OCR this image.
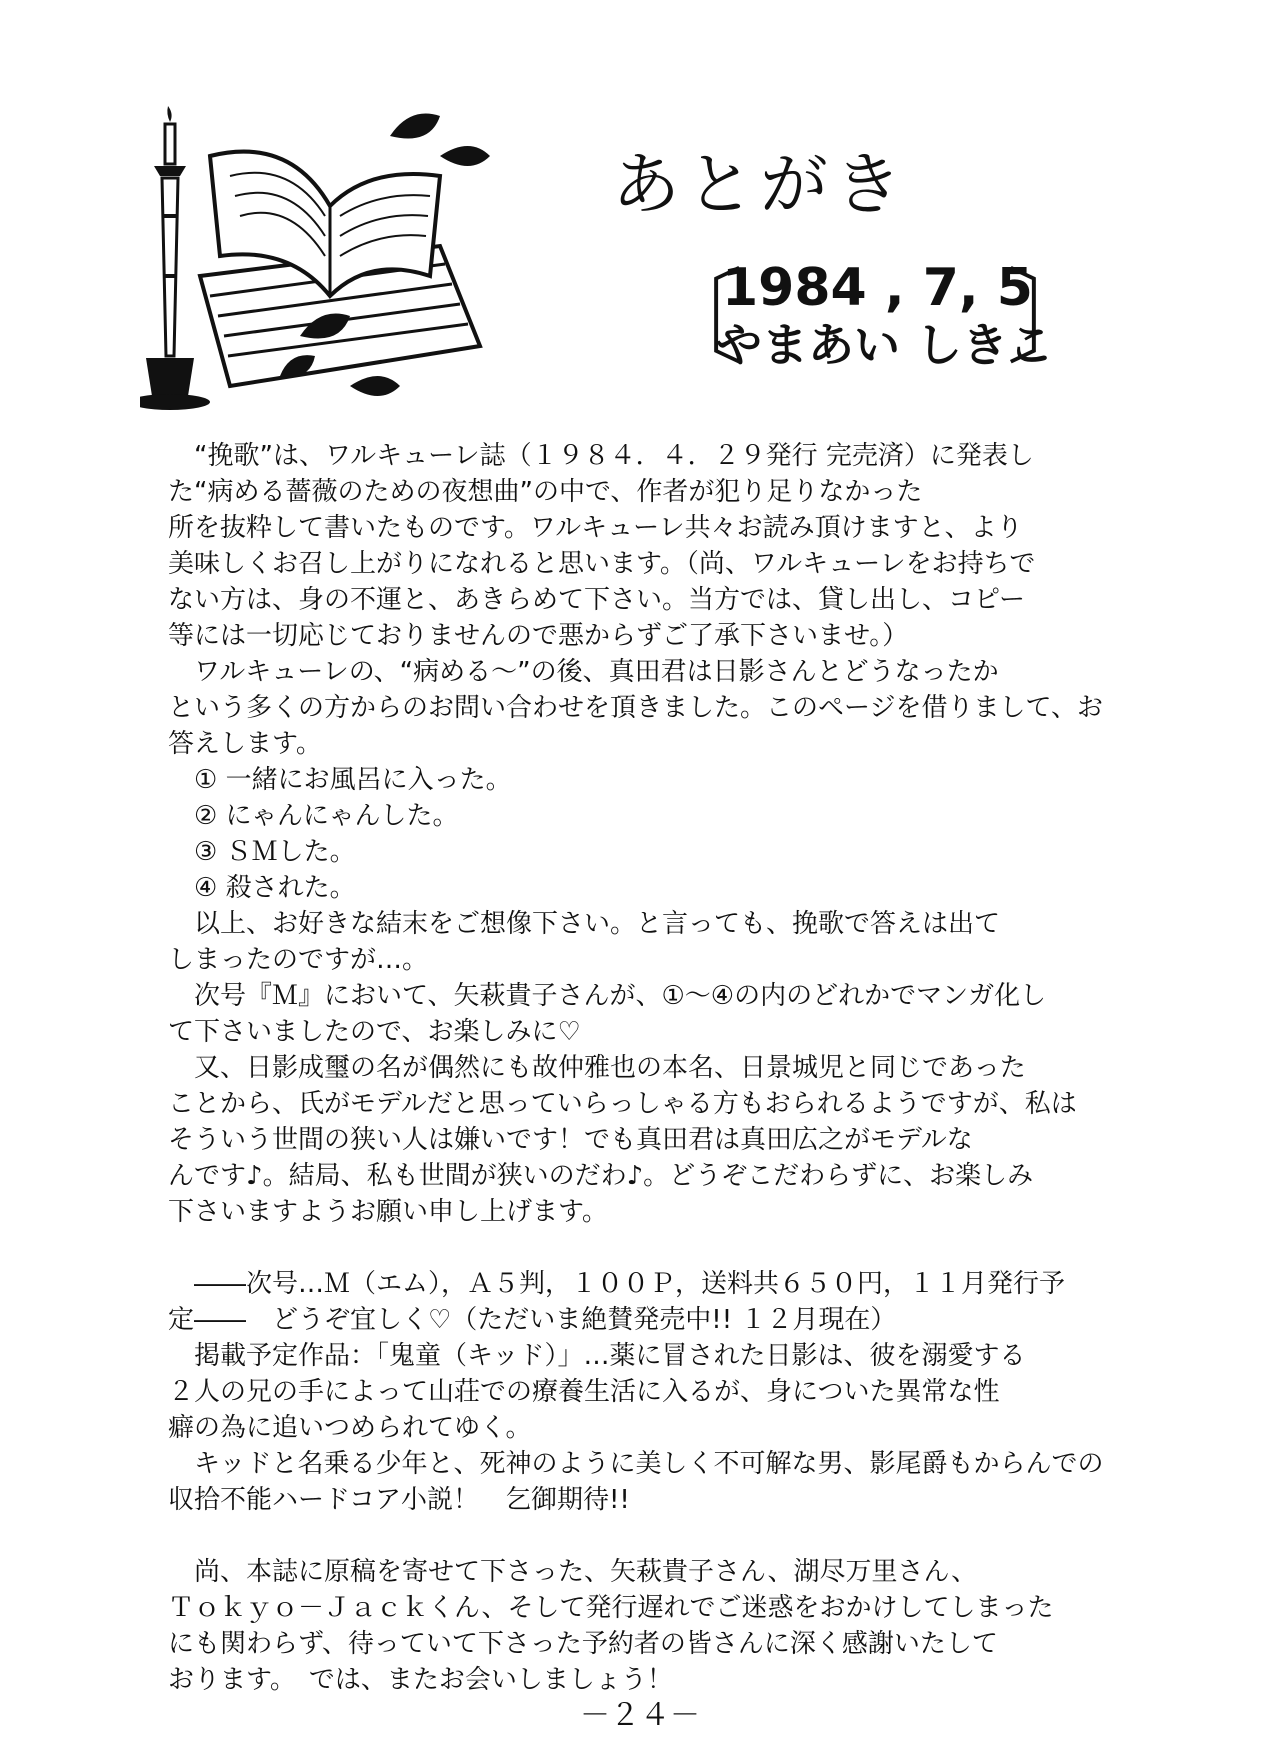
あとがき
〔

1984 , 7, 5

やまあい しきこ

〕
　“挽歌”は、ワルキューレ誌（１９８４．４．２９発行 完売済）に発表し
た“病める薔薇のための夜想曲”の中で、作者が犯り足りなかった
所を抜粋して書いたものです。ワルキューレ共々お読み頂けますと、より
美味しくお召し上がりになれると思います。（尚、ワルキューレをお持ちで
ない方は、身の不運と、あきらめて下さい。当方では、貸し出し、コピー
等には一切応じておりませんので悪からずご了承下さいませ。）
　ワルキューレの、“病める～”の後、真田君は日影さんとどうなったか
という多くの方からのお問い合わせを頂きました。このページを借りまして、お
答えします。
　① 一緒にお風呂に入った。
　② にゃんにゃんした。
　③ ＳＭした。
　④ 殺された。
　以上、お好きな結末をご想像下さい。と言っても、挽歌で答えは出て
しまったのですが…。
　次号『Ｍ』において、矢萩貴子さんが、①～④の内のどれかでマンガ化し
て下さいましたので、お楽しみに♡
　又、日影成璽の名が偶然にも故仲雅也の本名、日景城児と同じであった
ことから、氏がモデルだと思っていらっしゃる方もおられるようですが、私は
そういう世間の狭い人は嫌いです！でも真田君は真田広之がモデルな
んです♪。結局、私も世間が狭いのだわ♪。どうぞこだわらずに、お楽しみ
下さいますようお願い申し上げます。
　――次号…Ｍ（エム），Ａ５判，１００Ｐ，送料共６５０円，１１月発行予
定――　どうぞ宜しく♡（ただいま絶賛発売中!! １２月現在）
　掲載予定作品：「鬼童（キッド）」…薬に冒された日影は、彼を溺愛する
２人の兄の手によって山荘での療養生活に入るが、身についた異常な性
癖の為に追いつめられてゆく。
　キッドと名乗る少年と、死神のように美しく不可解な男、影尾爵もからんでの
収拾不能ハードコア小説！　乞御期待!!
　尚、本誌に原稿を寄せて下さった、矢萩貴子さん、湖尽万里さん、
Ｔｏｋｙｏ－Ｊａｃｋくん、そして発行遅れでご迷惑をおかけしてしまった
にも関わらず、待っていて下さった予約者の皆さんに深く感謝いたして
おります。　では、またお会いしましょう！
－２４－
